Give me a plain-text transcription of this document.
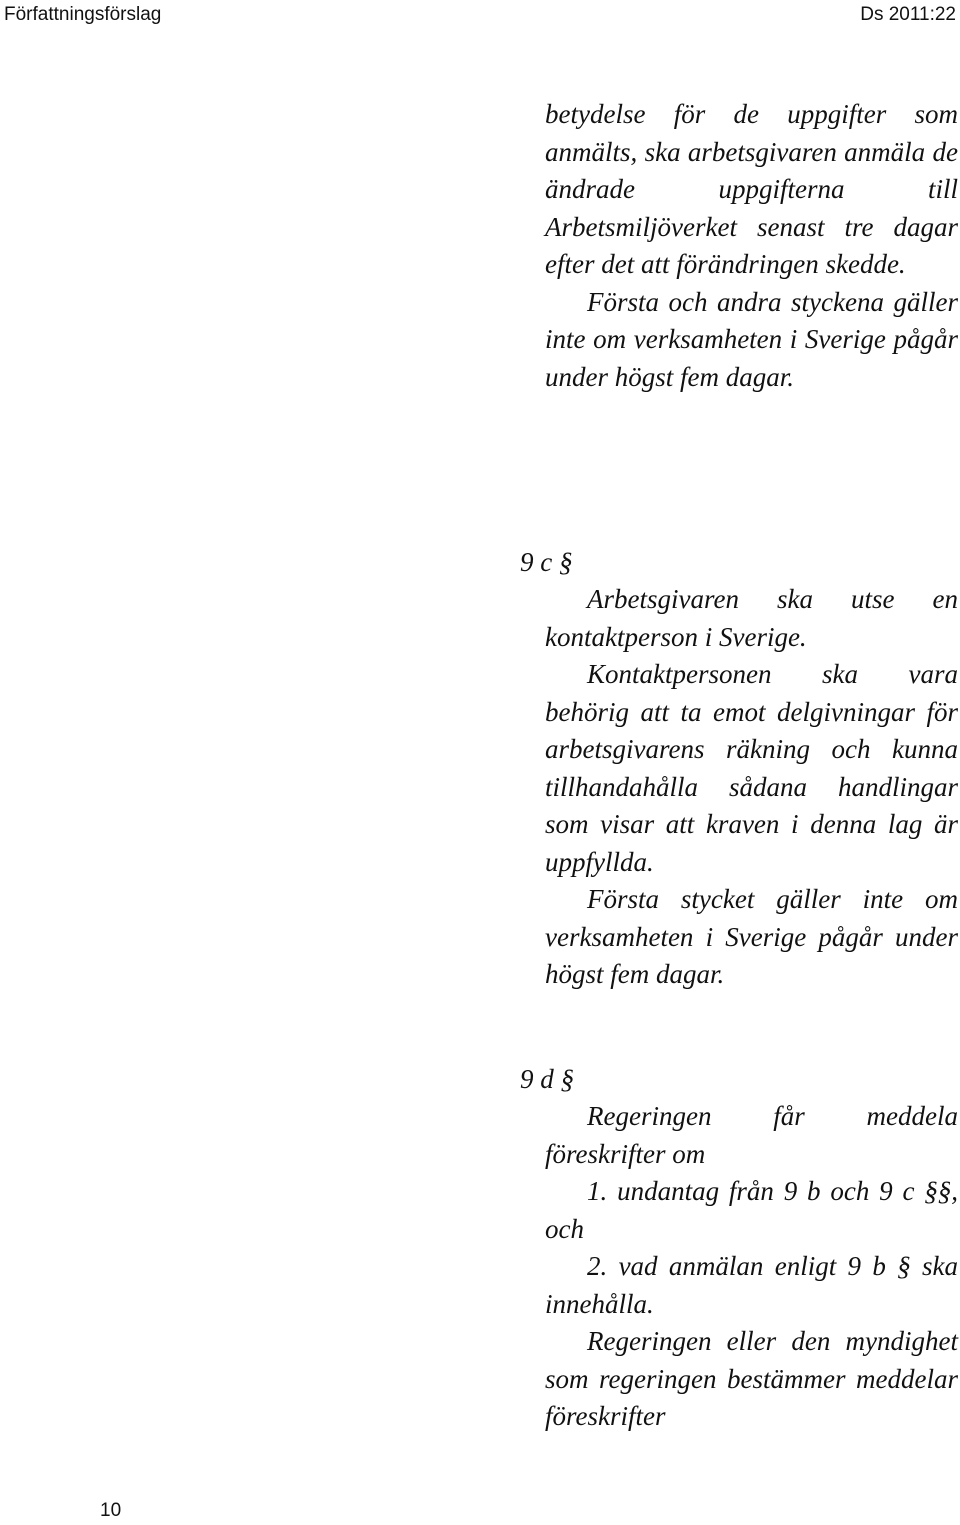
Författningsförslag	Ds 2011:22

betydelse för de uppgifter som anmälts, ska arbetsgivaren anmäla de ändrade uppgifterna till Arbetsmiljöverket senast tre dagar efter det att förändringen skedde.

Första och andra styckena gäller inte om verksamheten i Sverige pågår under högst fem dagar.

9 c §

Arbetsgivaren ska utse en kontaktperson i Sverige.

Kontaktpersonen ska vara behörig att ta emot delgivningar för arbetsgivarens räkning och kunna tillhandahålla sådana handlingar som visar att kraven i denna lag är uppfyllda.

Första stycket gäller inte om verksamheten i Sverige pågår under högst fem dagar.

9 d §

Regeringen får meddela föreskrifter om

1. undantag från 9 b och 9 c §§, och

2. vad anmälan enligt 9 b § ska innehålla.

Regeringen eller den myndighet som regeringen bestämmer meddelar föreskrifter

10
